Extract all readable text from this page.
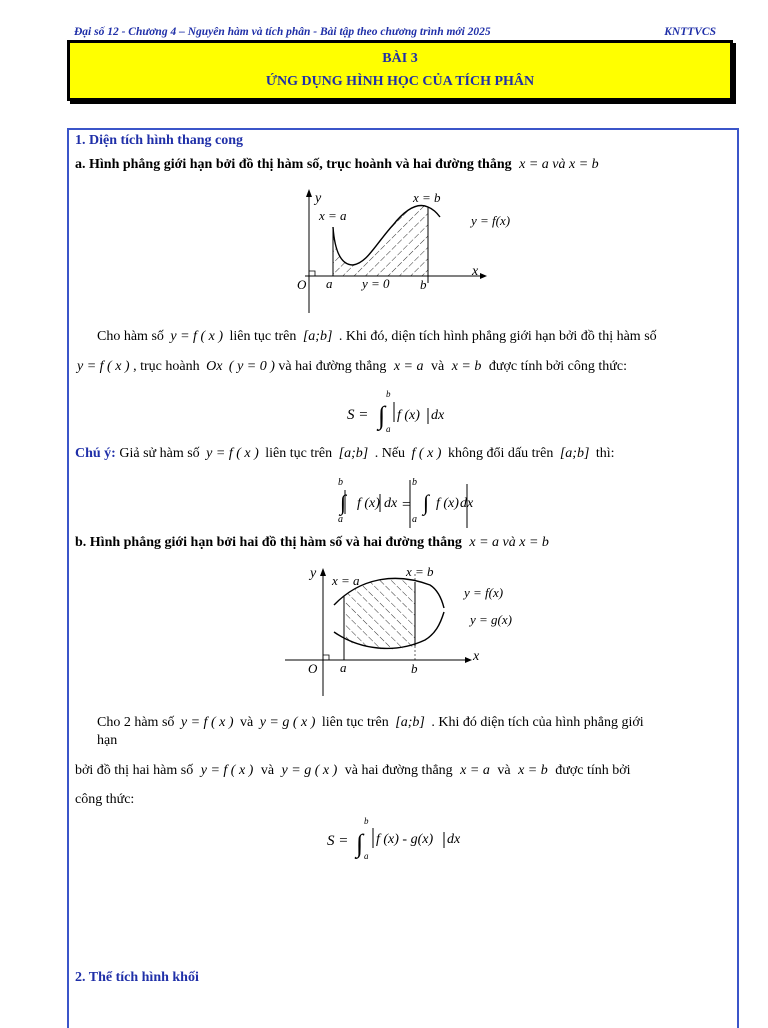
Đại số 12 - Chương 4 – Nguyên hàm và tích phân - Bài tập theo chương trình mới 2025	KNTTVCS
BÀI 3
ỨNG DỤNG HÌNH HỌC CỦA TÍCH PHÂN
1. Diện tích hình thang cong
a. Hình phẳng giới hạn bởi đồ thị hàm số, trục hoành và hai đường thẳng x = a và x = b
y
x
O
x = a
x = b
a	b
y = 0
y = f(x)
Cho hàm số y = f ( x ) liên tục trên [a;b] . Khi đó, diện tích hình phẳng giới hạn bởi đồ thị hàm số
y = f ( x ) , trục hoành Ox ( y = 0 ) và hai đường thẳng x = a và x = b được tính bởi công thức:
S = ∫
b
a
f (x) dx
Chú ý: Giả sử hàm số y = f ( x ) liên tục trên [a;b] . Nếu f ( x ) không đổi dấu trên [a;b] thì:
b
∫
a
f (x) dx =
b
a
∫ f (x) dx
b. Hình phẳng giới hạn bởi hai đồ thị hàm số và hai đường thẳng x = a và x = b
y
x
O
x = a
x = b
a	b
y = f(x)
y = g(x)
Cho 2 hàm số y = f ( x ) và y = g ( x ) liên tục trên [a;b] . Khi đó diện tích của hình phẳng giới
hạn
bởi đồ thị hai hàm số y = f ( x ) và y = g ( x ) và hai đường thẳng x = a và x = b được tính bởi
công thức:
S = ∫
b
a
f (x) - g(x) dx
2. Thể tích hình khối
